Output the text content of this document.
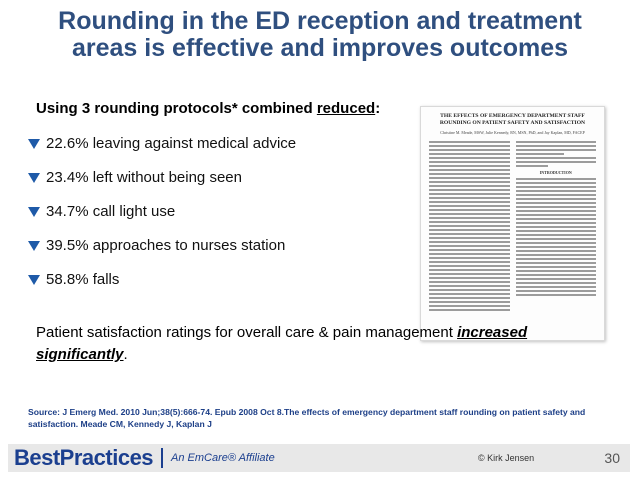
Rounding in the ED reception and treatment
areas is effective and improves outcomes
Using 3 rounding protocols* combined reduced:
22.6% leaving against medical advice
23.4% left without being seen
34.7% call light use
39.5% approaches to nurses station
58.8% falls
THE EFFECTS OF EMERGENCY DEPARTMENT STAFF ROUNDING ON PATIENT SAFETY AND SATISFACTION
Christine M. Meade, MSW, Julie Kennedy, RN, MSN, PhD, and Jay Kaplan, MD, FACEP
INTRODUCTION
Patient satisfaction ratings for overall care & pain management increased significantly.
Source: J Emerg Med. 2010 Jun;38(5):666-74. Epub 2008 Oct 8.The effects of emergency department staff rounding on patient safety and satisfaction. Meade CM, Kennedy J, Kaplan J
BestPractices An EmCare® Affiliate	© Kirk Jensen	30
